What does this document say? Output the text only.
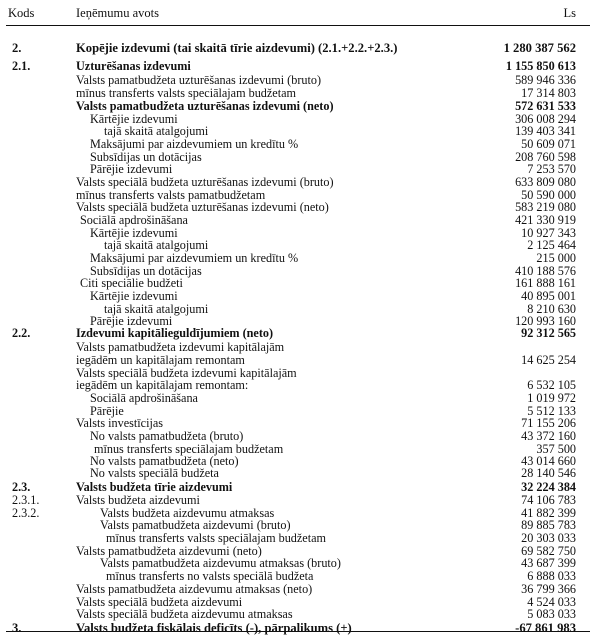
Kods	Ieņēmumu avots	Ls
2.	Kopējie izdevumi (tai skaitā tīrie aizdevumi) (2.1.+2.2.+2.3.)	1 280 387 562
2.1.	Uzturēšanas izdevumi	1 155 850 613
Valsts pamatbudžeta uzturēšanas izdevumi (bruto)	589 946 336
mīnus transferts valsts speciālajam budžetam	17 314 803
Valsts pamatbudžeta uzturēšanas izdevumi (neto)	572 631 533
Kārtējie izdevumi	306 008 294
tajā skaitā atalgojumi	139 403 341
Maksājumi par aizdevumiem un kredītu %	50 609 071
Subsīdijas un dotācijas	208 760 598
Pārējie izdevumi	7 253 570
Valsts speciālā budžeta uzturēšanas izdevumi (bruto)	633 809 080
mīnus transferts valsts pamatbudžetam	50 590 000
Valsts speciālā budžeta uzturēšanas izdevumi (neto)	583 219 080
Sociālā apdrošināšana	421 330 919
Kārtējie izdevumi	10 927 343
tajā skaitā atalgojumi	2 125 464
Maksājumi par aizdevumiem un kredītu %	215 000
Subsīdijas un dotācijas	410 188 576
Citi speciālie budžeti	161 888 161
Kārtējie izdevumi	40 895 001
tajā skaitā atalgojumi	8 210 630
Pārējie izdevumi	120 993 160
2.2.	Izdevumi kapitālieguldījumiem (neto)	92 312 565
Valsts pamatbudžeta izdevumi kapitālajām
iegādēm un kapitālajam remontam	14 625 254
Valsts speciālā budžeta izdevumi kapitālajām
iegādēm un kapitālajam remontam:	6 532 105
Sociālā apdrošināšana	1 019 972
Pārējie	5 512 133
Valsts investīcijas	71 155 206
No valsts pamatbudžeta (bruto)	43 372 160
mīnus transferts speciālajam budžetam	357 500
No valsts pamatbudžeta (neto)	43 014 660
No valsts speciālā budžeta	28 140 546
2.3.	Valsts budžeta tīrie aizdevumi	32 224 384
2.3.1.	Valsts budžeta aizdevumi	74 106 783
2.3.2.	Valsts budžeta aizdevumu atmaksas	41 882 399
Valsts pamatbudžeta aizdevumi (bruto)	89 885 783
mīnus transferts valsts speciālajam budžetam	20 303 033
Valsts pamatbudžeta aizdevumi (neto)	69 582 750
Valsts pamatbudžeta aizdevumu atmaksas (bruto)	43 687 399
mīnus transferts no valsts speciālā budžeta	6 888 033
Valsts pamatbudžeta aizdevumu atmaksas (neto)	36 799 366
Valsts speciālā budžeta aizdevumi	4 524 033
Valsts speciālā budžeta aizdevumu atmaksas	5 083 033
3.	Valsts budžeta fiskālais deficīts (-), pārpalikums (+)	-67 861 983
